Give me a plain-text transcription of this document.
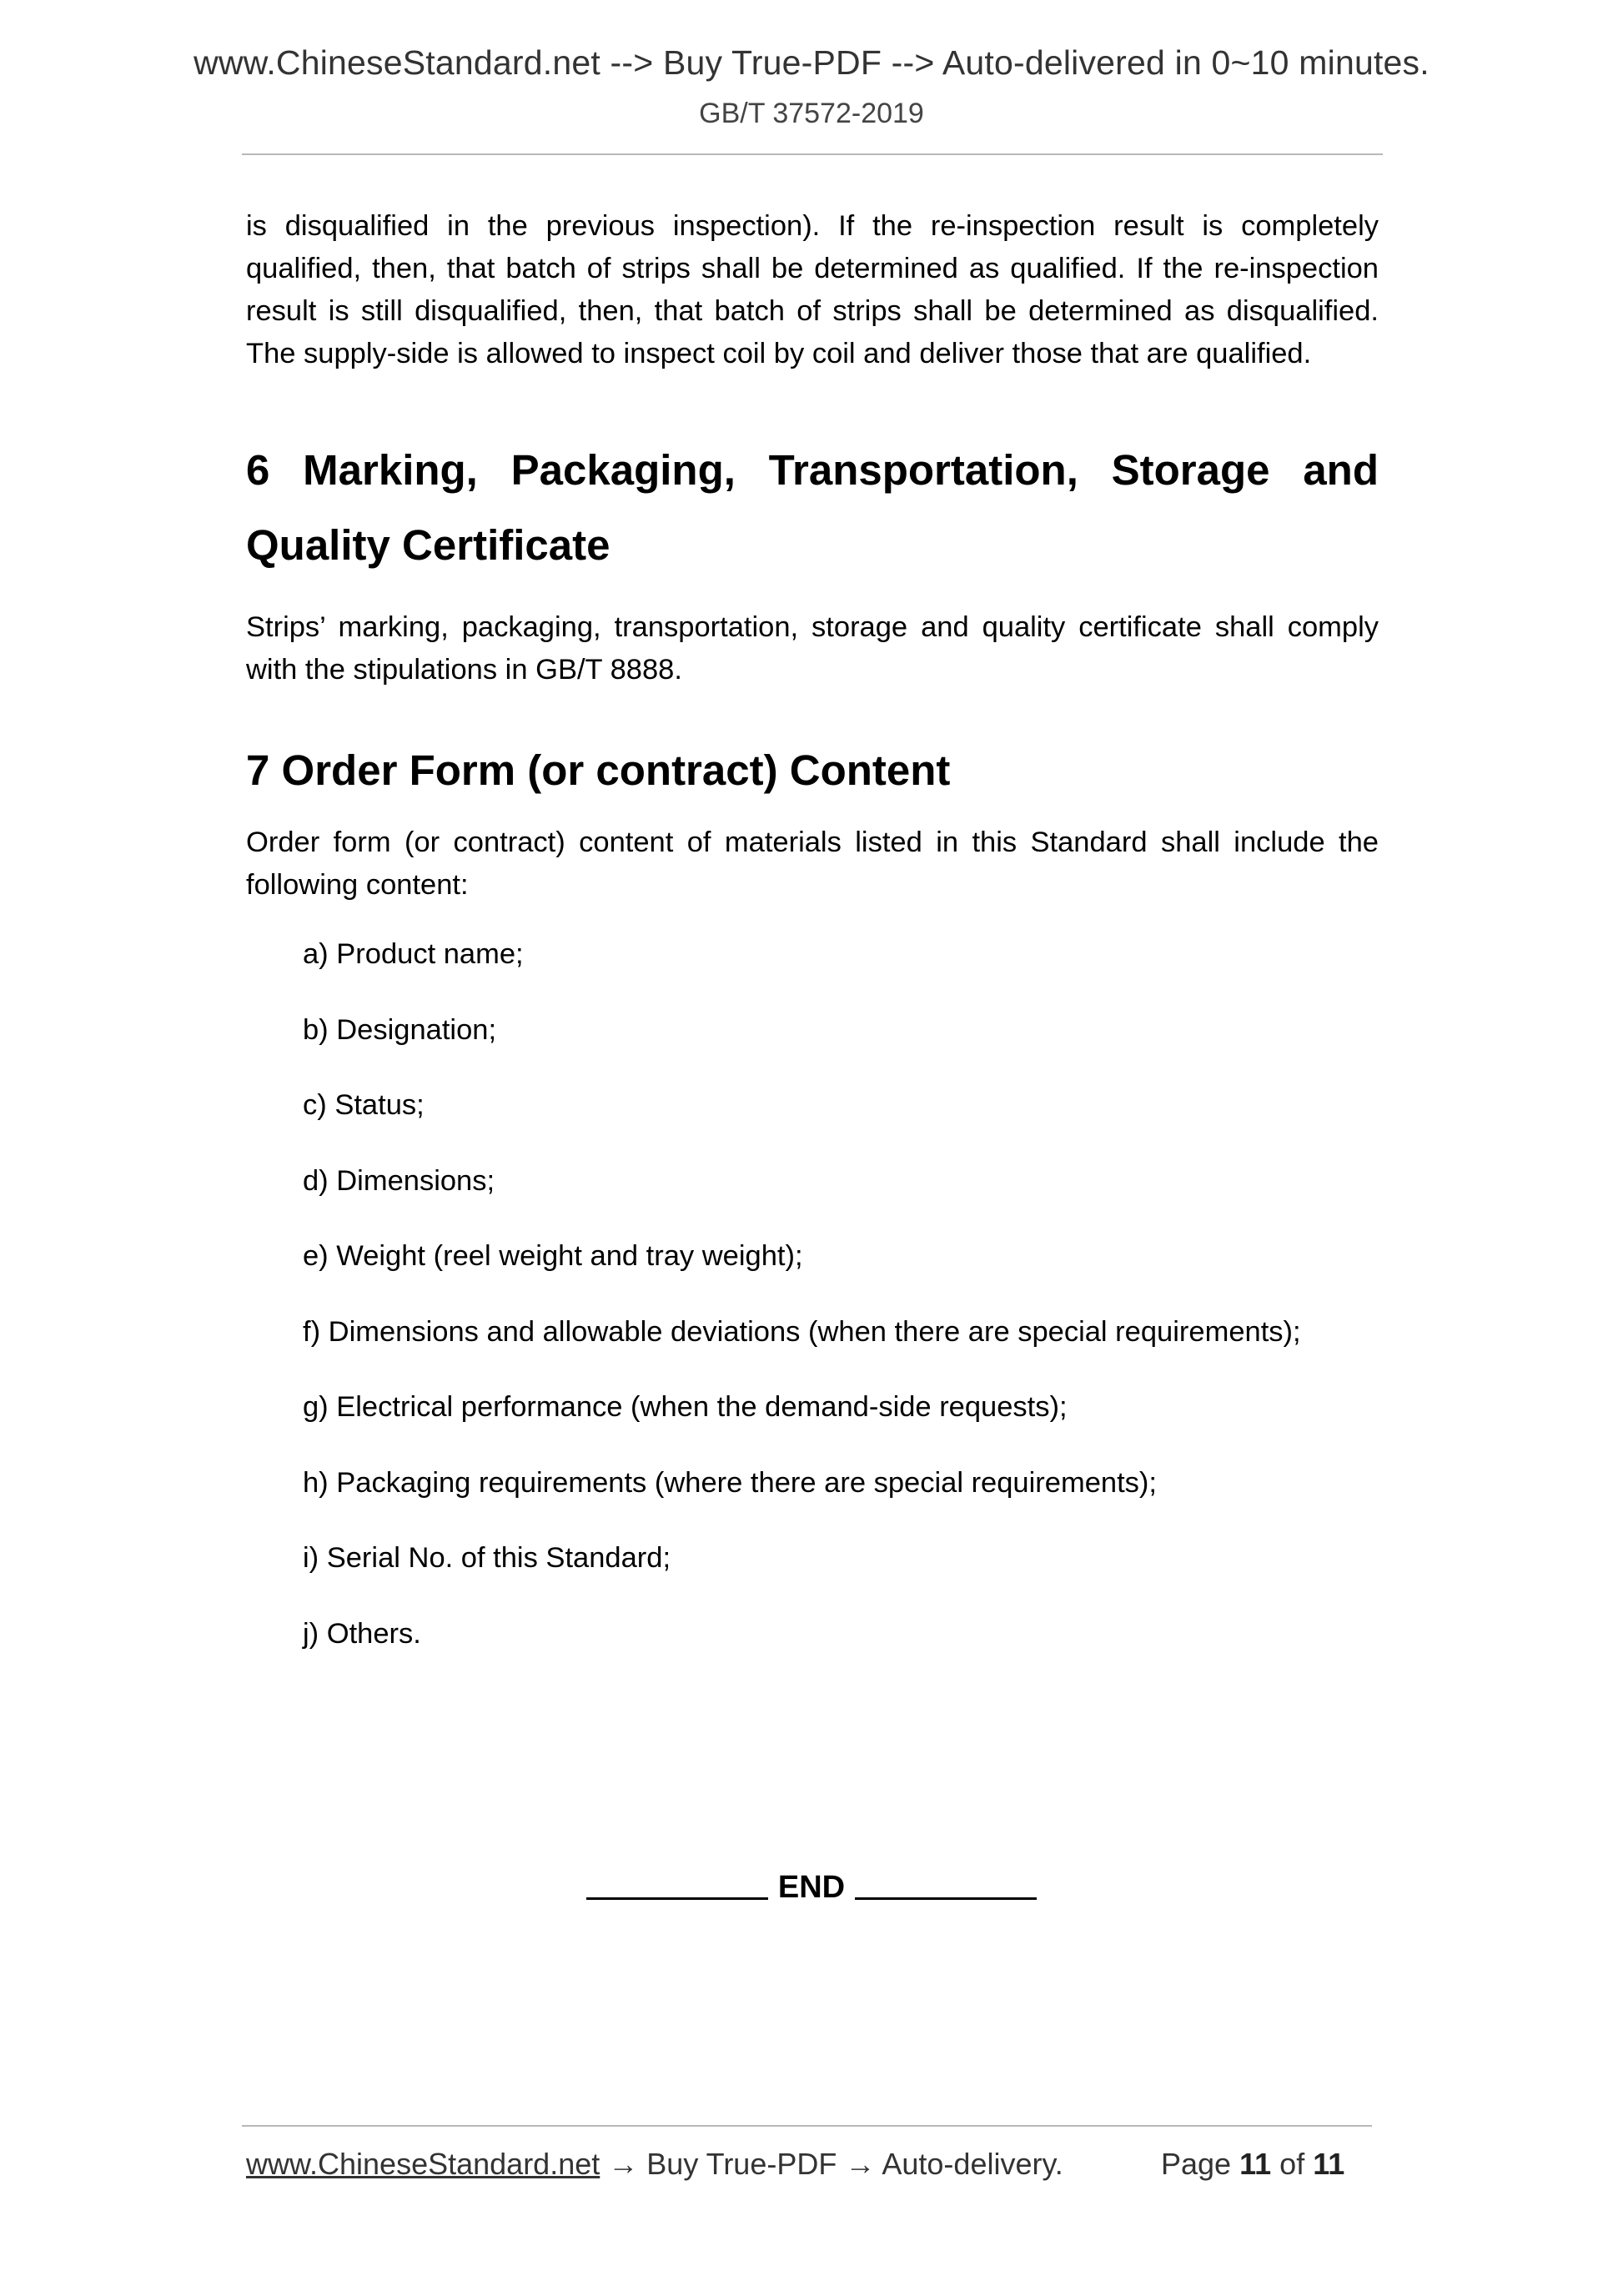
www.ChineseStandard.net --> Buy True-PDF --> Auto-delivered in 0~10 minutes.
GB/T 37572-2019

is disqualified in the previous inspection). If the re-inspection result is completely qualified, then, that batch of strips shall be determined as qualified. If the re-inspection result is still disqualified, then, that batch of strips shall be determined as disqualified. The supply-side is allowed to inspect coil by coil and deliver those that are qualified.

6 Marking, Packaging, Transportation, Storage and
Quality Certificate

Strips’ marking, packaging, transportation, storage and quality certificate shall comply with the stipulations in GB/T 8888.

7 Order Form (or contract) Content

Order form (or contract) content of materials listed in this Standard shall include the following content:

a) Product name;
b) Designation;
c) Status;
d) Dimensions;
e) Weight (reel weight and tray weight);
f) Dimensions and allowable deviations (when there are special requirements);
g) Electrical performance (when the demand-side requests);
h) Packaging requirements (where there are special requirements);
i) Serial No. of this Standard;
j) Others.
END
www.ChineseStandard.net → Buy True-PDF → Auto-delivery.	Page 11 of 11
